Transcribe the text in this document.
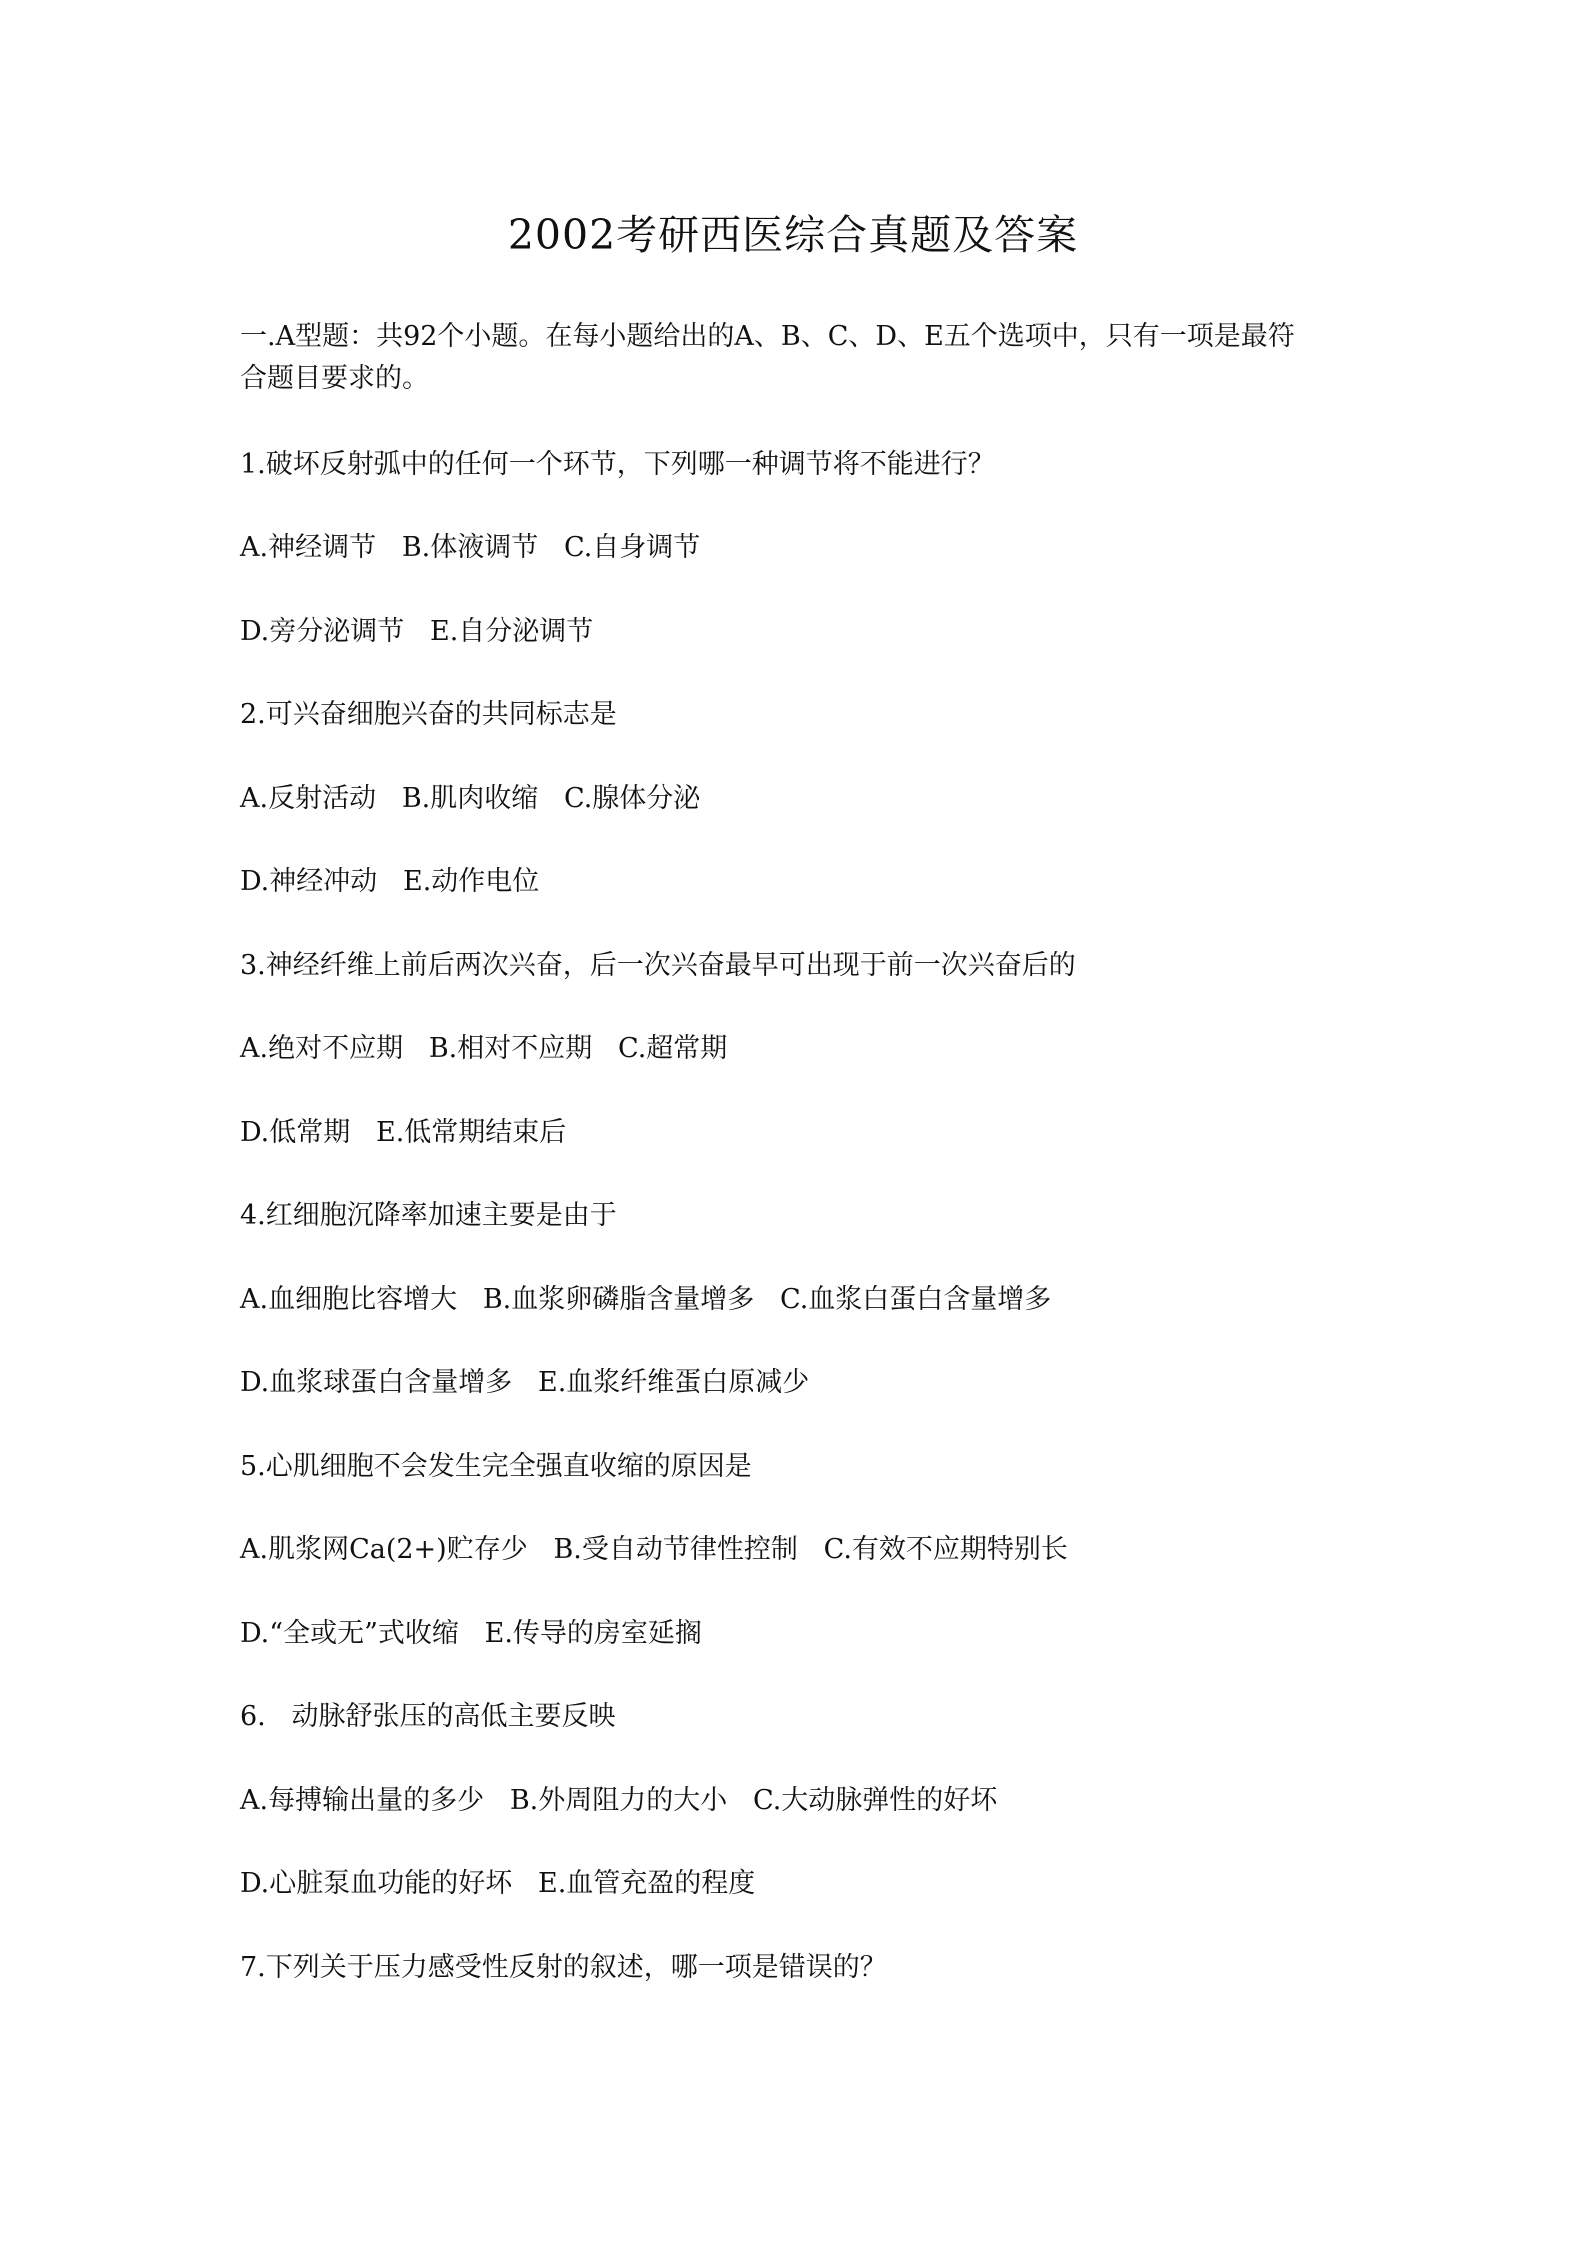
2002考研西医综合真题及答案
一.A型题：共92个小题。在每小题给出的A、B、C、D、E五个选项中，只有一项是最符
合题目要求的。
1.破坏反射弧中的任何一个环节，下列哪一种调节将不能进行？
A.神经调节   B.体液调节   C.自身调节
D.旁分泌调节   E.自分泌调节
2.可兴奋细胞兴奋的共同标志是
A.反射活动   B.肌肉收缩   C.腺体分泌
D.神经冲动   E.动作电位
3.神经纤维上前后两次兴奋，后一次兴奋最早可出现于前一次兴奋后的
A.绝对不应期   B.相对不应期   C.超常期
D.低常期   E.低常期结束后
4.红细胞沉降率加速主要是由于
A.血细胞比容增大   B.血浆卵磷脂含量增多   C.血浆白蛋白含量增多
D.血浆球蛋白含量增多   E.血浆纤维蛋白原减少
5.心肌细胞不会发生完全强直收缩的原因是
A.肌浆网Ca(2+)贮存少   B.受自动节律性控制   C.有效不应期特别长
D.“全或无”式收缩   E.传导的房室延搁
6.   动脉舒张压的高低主要反映
A.每搏输出量的多少   B.外周阻力的大小   C.大动脉弹性的好坏
D.心脏泵血功能的好坏   E.血管充盈的程度
7.下列关于压力感受性反射的叙述，哪一项是错误的？
